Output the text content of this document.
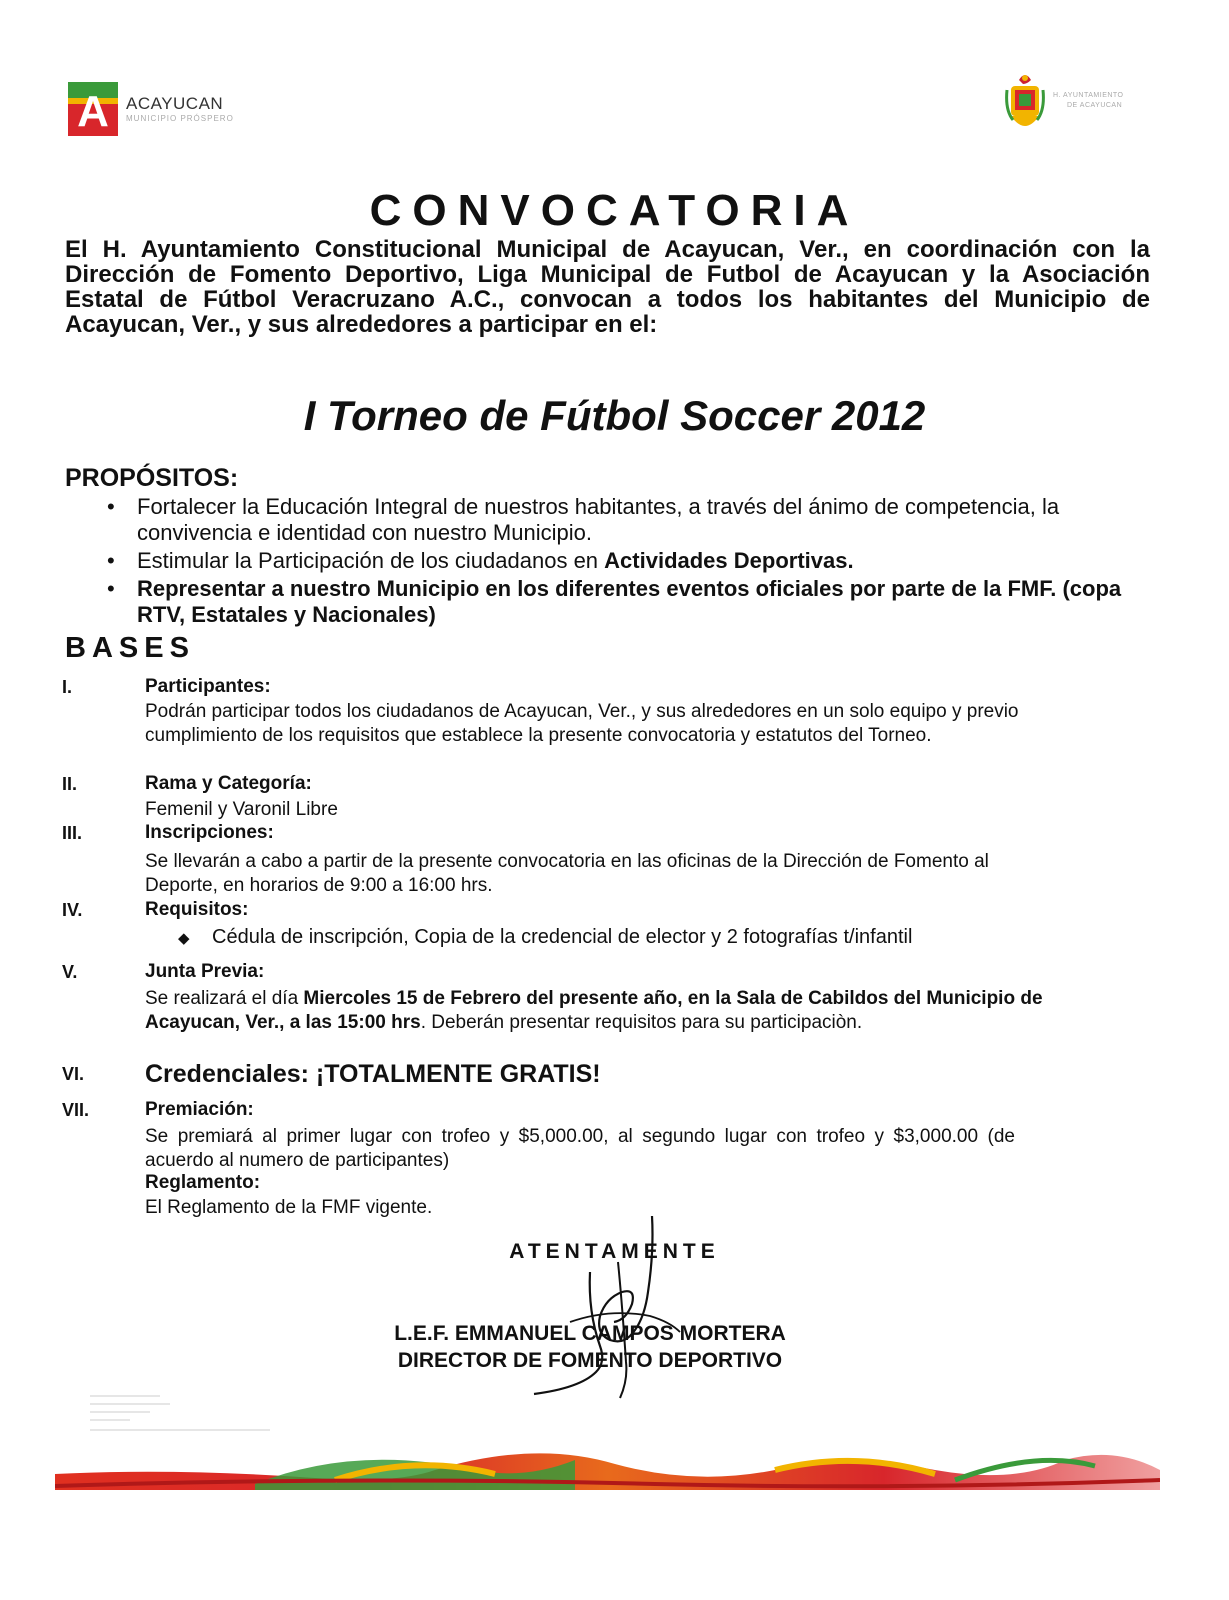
A	ACAYUCAN
MUNICIPIO PRÓSPERO
H. AYUNTAMIENTO
DE ACAYUCAN
CONVOCATORIA

El H. Ayuntamiento Constitucional Municipal de Acayucan, Ver., en coordinación con la Dirección de Fomento Deportivo, Liga Municipal de Futbol de Acayucan y la Asociación Estatal de Fútbol Veracruzano A.C., convocan a todos los habitantes del Municipio de Acayucan, Ver., y sus alrededores a participar en el:

I Torneo de Fútbol Soccer 2012
PROPÓSITOS:
• Fortalecer la Educación Integral de nuestros habitantes, a través del ánimo de competencia, la convivencia e identidad con nuestro Municipio.
• Estimular la Participación de los ciudadanos en Actividades Deportivas.
• Representar a nuestro Municipio en los diferentes eventos oficiales por parte de la FMF. (copa RTV, Estatales y Nacionales)
BASES
I.	Participantes:

Podrán participar todos los ciudadanos de Acayucan, Ver., y sus alrededores en un solo equipo y previo cumplimiento de los requisitos que establece la presente convocatoria y estatutos del Torneo.

II.	Rama y Categoría:

Femenil y Varonil Libre

III.	Inscripciones:

Se llevarán a cabo a partir de la presente convocatoria en las oficinas de la Dirección de Fomento al Deporte, en horarios de 9:00 a 16:00 hrs.

IV.	Requisitos:
◆ Cédula de inscripción, Copia de la credencial de elector y 2 fotografías t/infantil
V.	Junta Previa:

Se realizará el día Miercoles 15 de Febrero del presente año, en la Sala de Cabildos del Municipio de Acayucan, Ver., a las 15:00 hrs. Deberán presentar requisitos para su participaciòn.

VI. Credenciales: ¡TOTALMENTE GRATIS!
VII.	Premiación:

Se premiará al primer lugar con trofeo y $5,000.00, al segundo lugar con trofeo y $3,000.00 (de acuerdo al numero de participantes)

Reglamento:

El Reglamento de la FMF vigente.

ATENTAMENTE
L.E.F. EMMANUEL CAMPOS MORTERA
DIRECTOR DE FOMENTO DEPORTIVO
